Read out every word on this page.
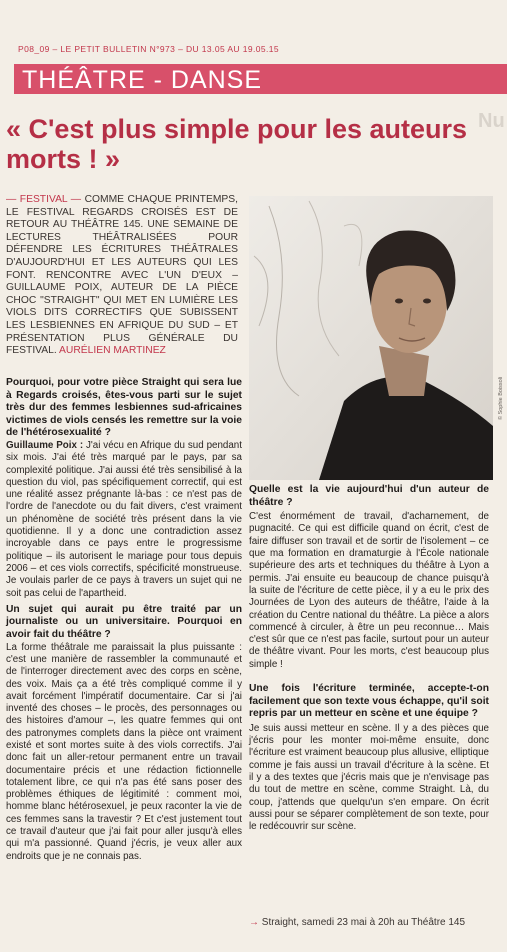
P08_09 – LE PETIT BULLETIN N°973 – DU 13.05 AU 19.05.15
THÉÂTRE - DANSE
Nu
« C'est plus simple pour les auteurs morts ! »
— FESTIVAL — COMME CHAQUE PRINTEMPS, LE FESTIVAL REGARDS CROISÉS EST DE RETOUR AU THÉÂTRE 145. UNE SEMAINE DE LECTURES THÉÂTRALISÉES POUR DÉFENDRE LES ÉCRITURES THÉÂTRALES D'AUJOURD'HUI ET LES AUTEURS QUI LES FONT. RENCONTRE AVEC L'UN D'EUX – GUILLAUME POIX, AUTEUR DE LA PIÈCE CHOC "STRAIGHT" QUI MET EN LUMIÈRE LES VIOLS DITS CORRECTIFS QUE SUBISSENT LES LESBIENNES EN AFRIQUE DU SUD – ET PRÉSENTATION PLUS GÉNÉRALE DU FESTIVAL. AURÉLIEN MARTINEZ
© Sophie Boissoli

Pourquoi, pour votre pièce Straight qui sera lue à Regards croisés, êtes-vous parti sur le sujet très dur des femmes lesbiennes sud-africaines victimes de viols censés les remettre sur la voie de l'hétérosexualité ?

Guillaume Poix : J'ai vécu en Afrique du sud pendant six mois. J'ai été très marqué par le pays, par sa complexité politique. J'ai aussi été très sensibilisé à la question du viol, pas spécifiquement correctif, qui est une réalité assez prégnante là-bas : ce n'est pas de l'ordre de l'anecdote ou du fait divers, c'est vraiment un phénomène de société très présent dans la vie quotidienne. Il y a donc une contradiction assez incroyable dans ce pays entre le progressisme politique – ils autorisent le mariage pour tous depuis 2006 – et ces viols correctifs, spécificité monstrueuse. Je voulais parler de ce pays à travers un sujet qui ne soit pas celui de l'apartheid.

Un sujet qui aurait pu être traité par un journaliste ou un universitaire. Pourquoi en avoir fait du théâtre ?

La forme théâtrale me paraissait la plus puissante : c'est une manière de rassembler la communauté et de l'interroger directement avec des corps en scène, des voix. Mais ça a été très compliqué comme il y avait forcément l'impératif documentaire. Car si j'ai inventé des choses – le procès, des personnages ou des histoires d'amour –, les quatre femmes qui ont des patronymes complets dans la pièce ont vraiment existé et sont mortes suite à des viols correctifs. J'ai donc fait un aller-retour permanent entre un travail documentaire précis et une rédaction fictionnelle totalement libre, ce qui n'a pas été sans poser des problèmes éthiques de légitimité : comment moi, homme blanc hétérosexuel, je peux raconter la vie de ces femmes sans la travestir ? Et c'est justement tout ce travail d'auteur que j'ai fait pour aller jusqu'à elles qui m'a passionné. Quand j'écris, je veux aller aux endroits que je ne connais pas.

Quelle est la vie aujourd'hui d'un auteur de théâtre ?

C'est énormément de travail, d'acharnement, de pugnacité. Ce qui est difficile quand on écrit, c'est de faire diffuser son travail et de sortir de l'isolement – ce que ma formation en dramaturgie à l'École nationale supérieure des arts et techniques du théâtre à Lyon a permis. J'ai ensuite eu beaucoup de chance puisqu'à la suite de l'écriture de cette pièce, il y a eu le prix des Journées de Lyon des auteurs de théâtre, l'aide à la création du Centre national du théâtre. La pièce a alors commencé à circuler, à être un peu reconnue… Mais c'est sûr que ce n'est pas facile, surtout pour un auteur de théâtre vivant. Pour les morts, c'est beaucoup plus simple !

Une fois l'écriture terminée, accepte-t-on facilement que son texte vous échappe, qu'il soit repris par un metteur en scène et une équipe ?

Je suis aussi metteur en scène. Il y a des pièces que j'écris pour les monter moi-même ensuite, donc l'écriture est vraiment beaucoup plus allusive, elliptique comme je fais aussi un travail d'écriture à la scène. Et il y a des textes que j'écris mais que je n'envisage pas du tout de mettre en scène, comme Straight. Là, du coup, j'attends que quelqu'un s'en empare. On écrit aussi pour se séparer complètement de son texte, pour le redécouvrir sur scène.

→ Straight, samedi 23 mai à 20h au Théâtre 145
